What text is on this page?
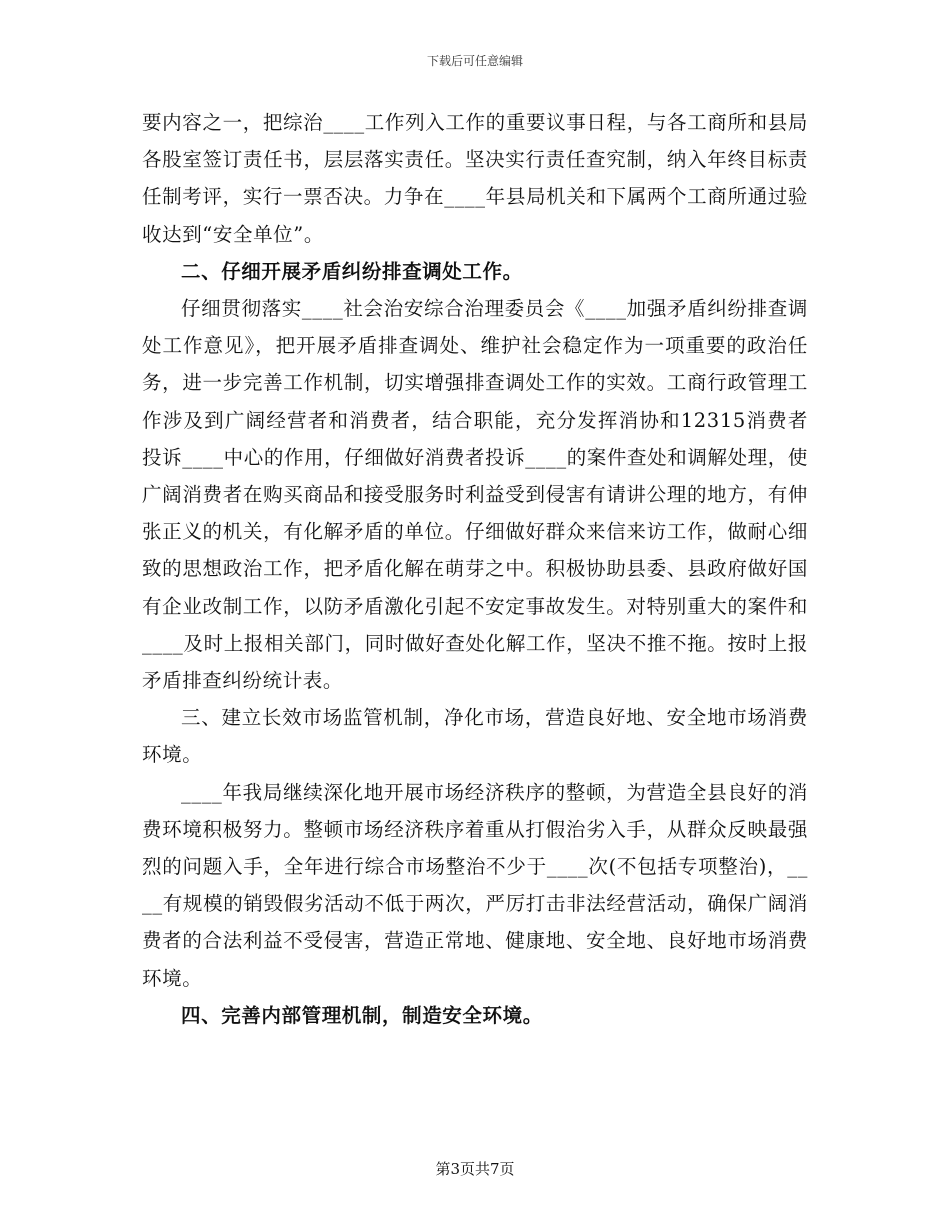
下载后可任意编辑

要内容之一，把综治____工作列入工作的重要议事日程，与各工商所和县局各股室签订责任书，层层落实责任。坚决实行责任查究制，纳入年终目标责任制考评，实行一票否决。力争在____年县局机关和下属两个工商所通过验收达到“安全单位”。

二、仔细开展矛盾纠纷排查调处工作。

仔细贯彻落实____社会治安综合治理委员会《____加强矛盾纠纷排查调处工作意见》，把开展矛盾排查调处、维护社会稳定作为一项重要的政治任务，进一步完善工作机制，切实增强排查调处工作的实效。工商行政管理工作涉及到广阔经营者和消费者，结合职能，充分发挥消协和12315消费者投诉____中心的作用，仔细做好消费者投诉____的案件查处和调解处理，使广阔消费者在购买商品和接受服务时利益受到侵害有请讲公理的地方，有伸张正义的机关，有化解矛盾的单位。仔细做好群众来信来访工作，做耐心细致的思想政治工作，把矛盾化解在萌芽之中。积极协助县委、县政府做好国有企业改制工作，以防矛盾激化引起不安定事故发生。对特别重大的案件和____及时上报相关部门，同时做好查处化解工作，坚决不推不拖。按时上报矛盾排查纠纷统计表。

三、建立长效市场监管机制，净化市场，营造良好地、安全地市场消费环境。

____年我局继续深化地开展市场经济秩序的整顿，为营造全县良好的消费环境积极努力。整顿市场经济秩序着重从打假治劣入手，从群众反映最强烈的问题入手，全年进行综合市场整治不少于____次(不包括专项整治)，____有规模的销毁假劣活动不低于两次，严厉打击非法经营活动，确保广阔消费者的合法利益不受侵害，营造正常地、健康地、安全地、良好地市场消费环境。

四、完善内部管理机制，制造安全环境。

第3页共7页
